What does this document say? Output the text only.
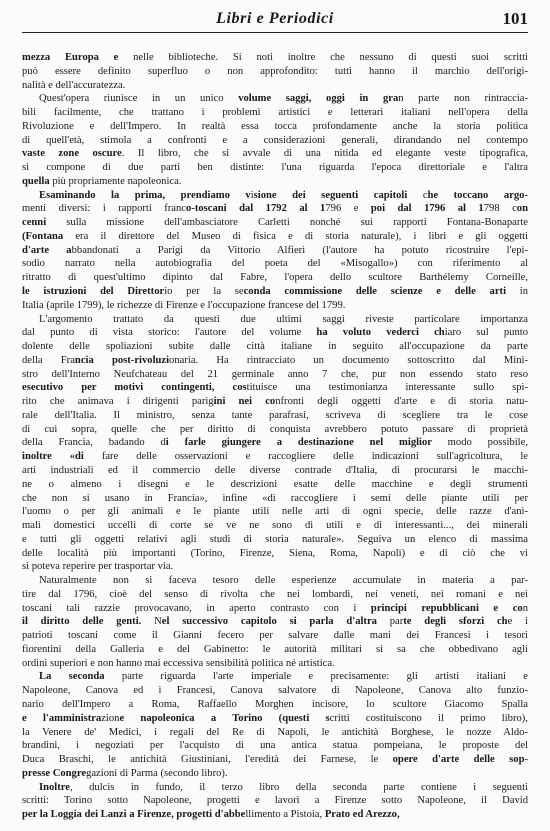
Libri e Periodici	101
mezza Europa e nelle biblioteche. Si noti inoltre che nessuno di questi suoi scritti
può essere definito superfluo o non approfondito: tutti hanno il marchio dell'origi-
nalità e dell'accuratezza.
Quest'opera riunisce in un unico volume saggi, oggi in gran parte non rintraccia-
bili facilmente, che trattano i problemi artistici e letterari italiani nell'opera della
Rivoluzione e dell'Impero. In realtà essa tocca profondamente anche la storia politica
di quell'età, stimola a confronti e a considerazioni generali, dirandando nel contempo
vaste zone oscure. Il libro, che si avvale di una nitida ed elegante veste tipografica,
si compone di due parti ben distinte: l'una riguarda l'epoca direttoriale e l'altra
quella più propriamente napoleonica.
Esaminando la prima, prendiamo visione dei seguenti capitoli che toccano argo-
menti diversi: i rapporti franco-toscani dal 1792 al 1796 e poi dal 1796 al 1798 con
cenni sulla missione dell'ambasciatore Carletti nonché sui rapporti Fontana-Bonaparte
(Fontana era il direttore del Museo di fisica e di storia naturale), i libri e gli oggetti
d'arte abbandonati a Parigi da Vittorio Alfieri (l'autore ha potuto ricostruire l'epi-
sodio narrato nella autobiografia del poeta del «Misogallo») con riferimento al
ritratto di quest'ultimo dipinto dal Fabre, l'opera dello scultore Barthélemy Corneille,
le istruzioni del Direttorio per la seconda commissione delle scienze e delle arti in
Italia (aprile 1799), le richezze di Firenze e l'occupazione francese del 1799.
L'argomento trattato da questi due ultimi saggi riveste particolare importanza
dal punto di vista storico: l'autore del volume ha voluto vederci chiaro sul punto
dolente delle spoliazioni subite dalle città italiane in seguito all'occupazione da parte
della Francia post-rivoluzionaria. Ha rintracciato un documento sottoscritto dal Mini-
stro dell'Interno Neufchateau del 21 germinale anno 7 che, pur non essendo stato reso
esecutivo per motivi contingenti, costituisce una testimonianza interessante sullo spi-
rito che animava i dirigenti parigini nei confronti degli oggetti d'arte e di storia natu-
rale dell'Italia. Il ministro, senza tante parafrasi, scriveva di scegliere tra le cose
di cui sopra, quelle che per diritto di conquista avrebbero potuto passare di proprietà
della Francia, badando di farle giungere a destinazione nel miglior modo possibile,
inoltre «di fare delle osservazioni e raccogliere delle indicazioni sull'agricoltura, le
arti industriali ed il commercio delle diverse contrade d'Italia, di procurarsi le macchi-
ne o almeno i disegni e le descrizioni esatte delle macchine e degli strumenti
che non si usano in Francia», infine «di raccogliere i semi delle piante utili per
l'uomo o per gli animali e le piante utili nelle arti di ogni specie, delle razze d'ani-
mali domestici uccelli di corte se ve ne sono di utili e di interessanti..., dei minerali
e tutti gli oggetti relativi agli studi di storia naturale». Seguiva un elenco di massima
delle località più importanti (Torino, Firenze, Siena, Roma, Napoli) e di ciò che vi
si poteva reperire per trasportar via.
Naturalmente non si faceva tesoro delle esperienze accumulate in materia a par-
tire dal 1796, cioè del senso di rivolta che nei lombardi, nei veneti, nei romani e nei
toscani tali razzie provocavano, in aperto contrasto con i principi repubblicani e con
il diritto delle genti. Nel successivo capitolo si parla d'altra parte degli sforzi che i
patrioti toscani come il Gianni fecero per salvare dalle mani dei Francesi i tesori
fiorentini della Galleria e del Gabinetto: le autorità militari si sa che obbedivano agli
ordini superiori e non hanno mai eccessiva sensibilità politica né artistica.
La seconda parte riguarda l'arte imperiale e precisamente: gli artisti italiani e
Napoleone, Canova ed i Francesi, Canova salvatore di Napoleone, Canova alto funzio-
nario dell'Impero a Roma, Raffaello Morghen incisore, lo scultore Giacomo Spalla
e l'amministrazione napoleonica a Torino (questi scritti costituiscono il primo libro),
la Venere de' Medici, i regali del Re di Napoli, le antichità Borghese, le nozze Aldo-
brandini, i negoziati per l'acquisto di una antica statua pompeiana, le proposte del
Duca Braschi, le antichità Giustiniani, l'eredità dei Farnese, le opere d'arte delle sop-
presse Congregazioni di Parma (secondo libro).
Inoltre, dulcis in fundo, il terzo libro della seconda parte contiene i seguenti
scritti: Torino sotto Napoleone, progetti e lavori a Firenze sotto Napoleone, il David
per la Loggia dei Lanzi a Firenze, progetti d'abbellimento a Pistoia, Prato ed Arezzo,
